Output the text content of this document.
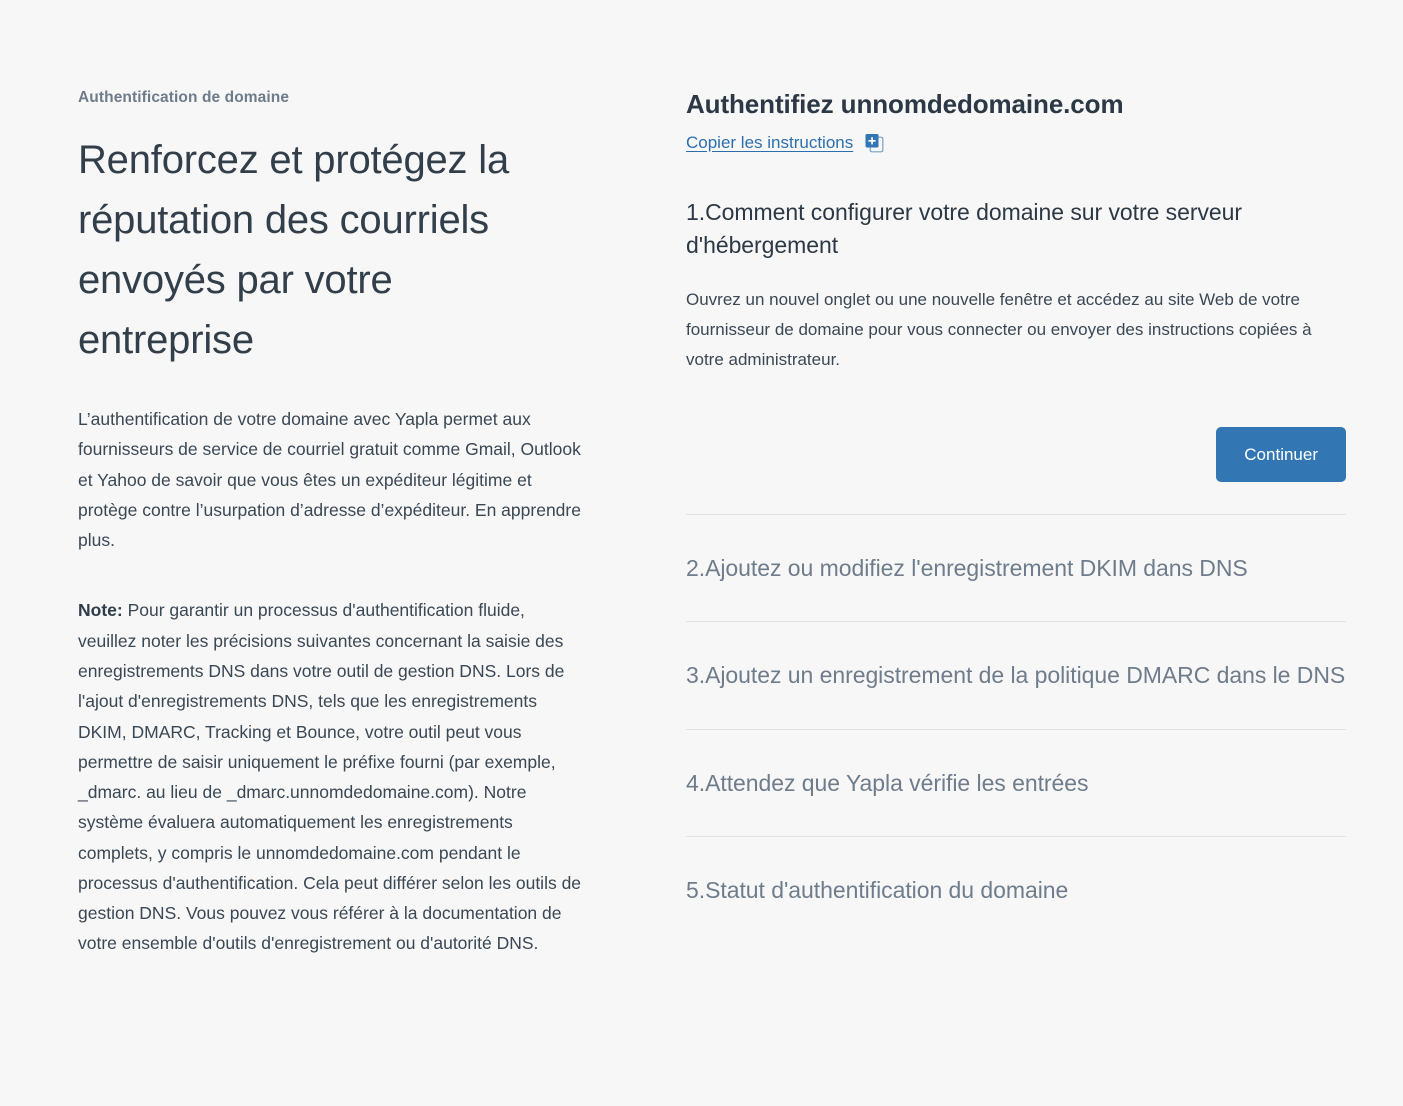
Authentification de domaine
Renforcez et protégez la réputation des courriels envoyés par votre entreprise

L’authentification de votre domaine avec Yapla permet aux fournisseurs de service de courriel gratuit comme Gmail, Outlook et Yahoo de savoir que vous êtes un expéditeur légitime et protège contre l’usurpation d’adresse d’expéditeur. En apprendre plus.

Note: Pour garantir un processus d'authentification fluide, veuillez noter les précisions suivantes concernant la saisie des enregistrements DNS dans votre outil de gestion DNS. Lors de l'ajout d'enregistrements DNS, tels que les enregistrements DKIM, DMARC, Tracking et Bounce, votre outil peut vous permettre de saisir uniquement le préfixe fourni (par exemple, _dmarc. au lieu de _dmarc.unnomdedomaine.com). Notre système évaluera automatiquement les enregistrements complets, y compris le unnomdedomaine.com pendant le processus d'authentification. Cela peut différer selon les outils de gestion DNS. Vous pouvez vous référer à la documentation de votre ensemble d'outils d'enregistrement ou d'autorité DNS.

Authentifiez unnomdedomaine.com
Copier les instructions
1.Comment configurer votre domaine sur votre serveur d'hébergement

Ouvrez un nouvel onglet ou une nouvelle fenêtre et accédez au site Web de votre fournisseur de domaine pour vous connecter ou envoyer des instructions copiées à votre administrateur.

Continuer
2.Ajoutez ou modifiez l'enregistrement DKIM dans DNS
3.Ajoutez un enregistrement de la politique DMARC dans le DNS
4.Attendez que Yapla vérifie les entrées
5.Statut d'authentification du domaine
